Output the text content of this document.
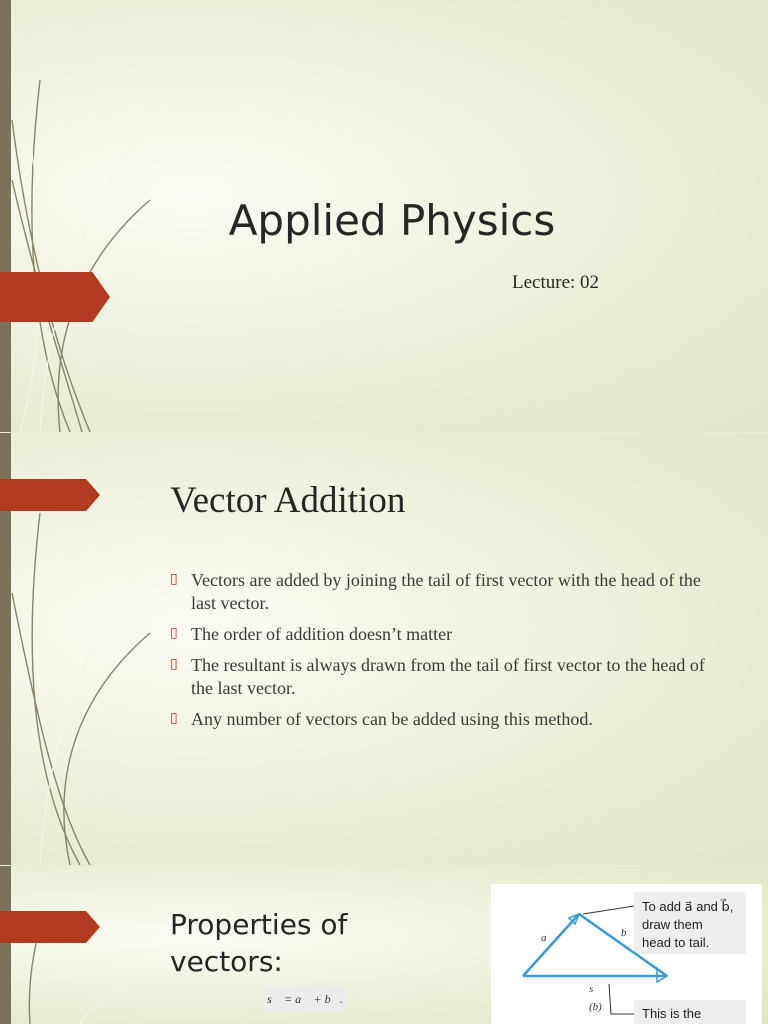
Applied Physics
Lecture: 02
Vector Addition
▯ Vectors are added by joining the tail of first vector with the head of the last vector.
▯ The order of addition doesn’t matter
▯ The resultant is always drawn from the tail of first vector to the head of the last vector.
▯ Any number of vectors can be added using this method.
Properties of
vectors:
s⃗ = a⃗ + b⃗.
To add a⃗ and b⃗,
draw them
head to tail.
a⃗	b⃗
s⃗
(b)	This is the
